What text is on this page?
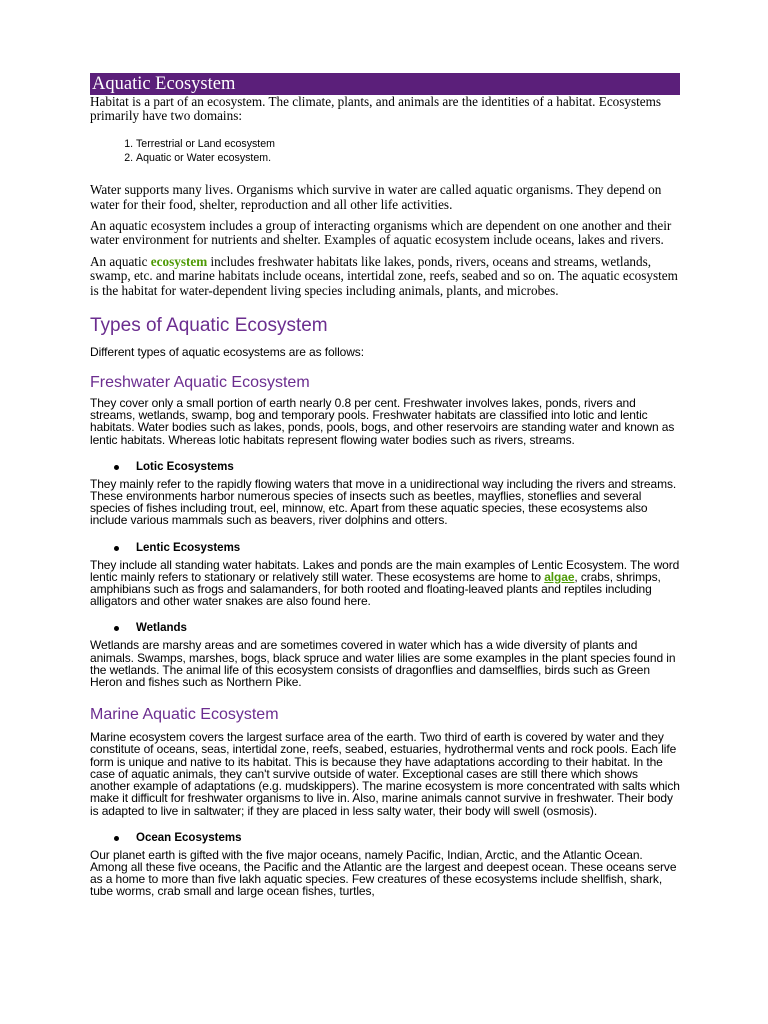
Aquatic Ecosystem

Habitat is a part of an ecosystem. The climate, plants, and animals are the identities of a habitat. Ecosystems primarily have two domains:

1. Terrestrial or Land ecosystem
2. Aquatic or Water ecosystem.

Water supports many lives. Organisms which survive in water are called aquatic organisms. They depend on water for their food, shelter, reproduction and all other life activities.

An aquatic ecosystem includes a group of interacting organisms which are dependent on one another and their water environment for nutrients and shelter. Examples of aquatic ecosystem include oceans, lakes and rivers.

An aquatic ecosystem includes freshwater habitats like lakes, ponds, rivers, oceans and streams, wetlands, swamp, etc. and marine habitats include oceans, intertidal zone, reefs, seabed and so on. The aquatic ecosystem is the habitat for water-dependent living species including animals, plants, and microbes.

Types of Aquatic Ecosystem

Different types of aquatic ecosystems are as follows:

Freshwater Aquatic Ecosystem

They cover only a small portion of earth nearly 0.8 per cent. Freshwater involves lakes, ponds, rivers and streams, wetlands, swamp, bog and temporary pools. Freshwater habitats are classified into lotic and lentic habitats. Water bodies such as lakes, ponds, pools, bogs, and other reservoirs are standing water and known as lentic habitats. Whereas lotic habitats represent flowing water bodies such as rivers, streams.

Lotic Ecosystems

They mainly refer to the rapidly flowing waters that move in a unidirectional way including the rivers and streams. These environments harbor numerous species of insects such as beetles, mayflies, stoneflies and several species of fishes including trout, eel, minnow, etc. Apart from these aquatic species, these ecosystems also include various mammals such as beavers, river dolphins and otters.

Lentic Ecosystems

They include all standing water habitats. Lakes and ponds are the main examples of Lentic Ecosystem. The word lentic mainly refers to stationary or relatively still water. These ecosystems are home to algae, crabs, shrimps, amphibians such as frogs and salamanders, for both rooted and floating-leaved plants and reptiles including alligators and other water snakes are also found here.

Wetlands

Wetlands are marshy areas and are sometimes covered in water which has a wide diversity of plants and animals. Swamps, marshes, bogs, black spruce and water lilies are some examples in the plant species found in the wetlands. The animal life of this ecosystem consists of dragonflies and damselflies, birds such as Green Heron and fishes such as Northern Pike.

Marine Aquatic Ecosystem

Marine ecosystem covers the largest surface area of the earth. Two third of earth is covered by water and they constitute of oceans, seas, intertidal zone, reefs, seabed, estuaries, hydrothermal vents and rock pools. Each life form is unique and native to its habitat. This is because they have adaptations according to their habitat. In the case of aquatic animals, they can't survive outside of water. Exceptional cases are still there which shows another example of adaptations (e.g. mudskippers). The marine ecosystem is more concentrated with salts which make it difficult for freshwater organisms to live in. Also, marine animals cannot survive in freshwater. Their body is adapted to live in saltwater; if they are placed in less salty water, their body will swell (osmosis).

Ocean Ecosystems

Our planet earth is gifted with the five major oceans, namely Pacific, Indian, Arctic, and the Atlantic Ocean. Among all these five oceans, the Pacific and the Atlantic are the largest and deepest ocean. These oceans serve as a home to more than five lakh aquatic species. Few creatures of these ecosystems include shellfish, shark, tube worms, crab small and large ocean fishes, turtles,
